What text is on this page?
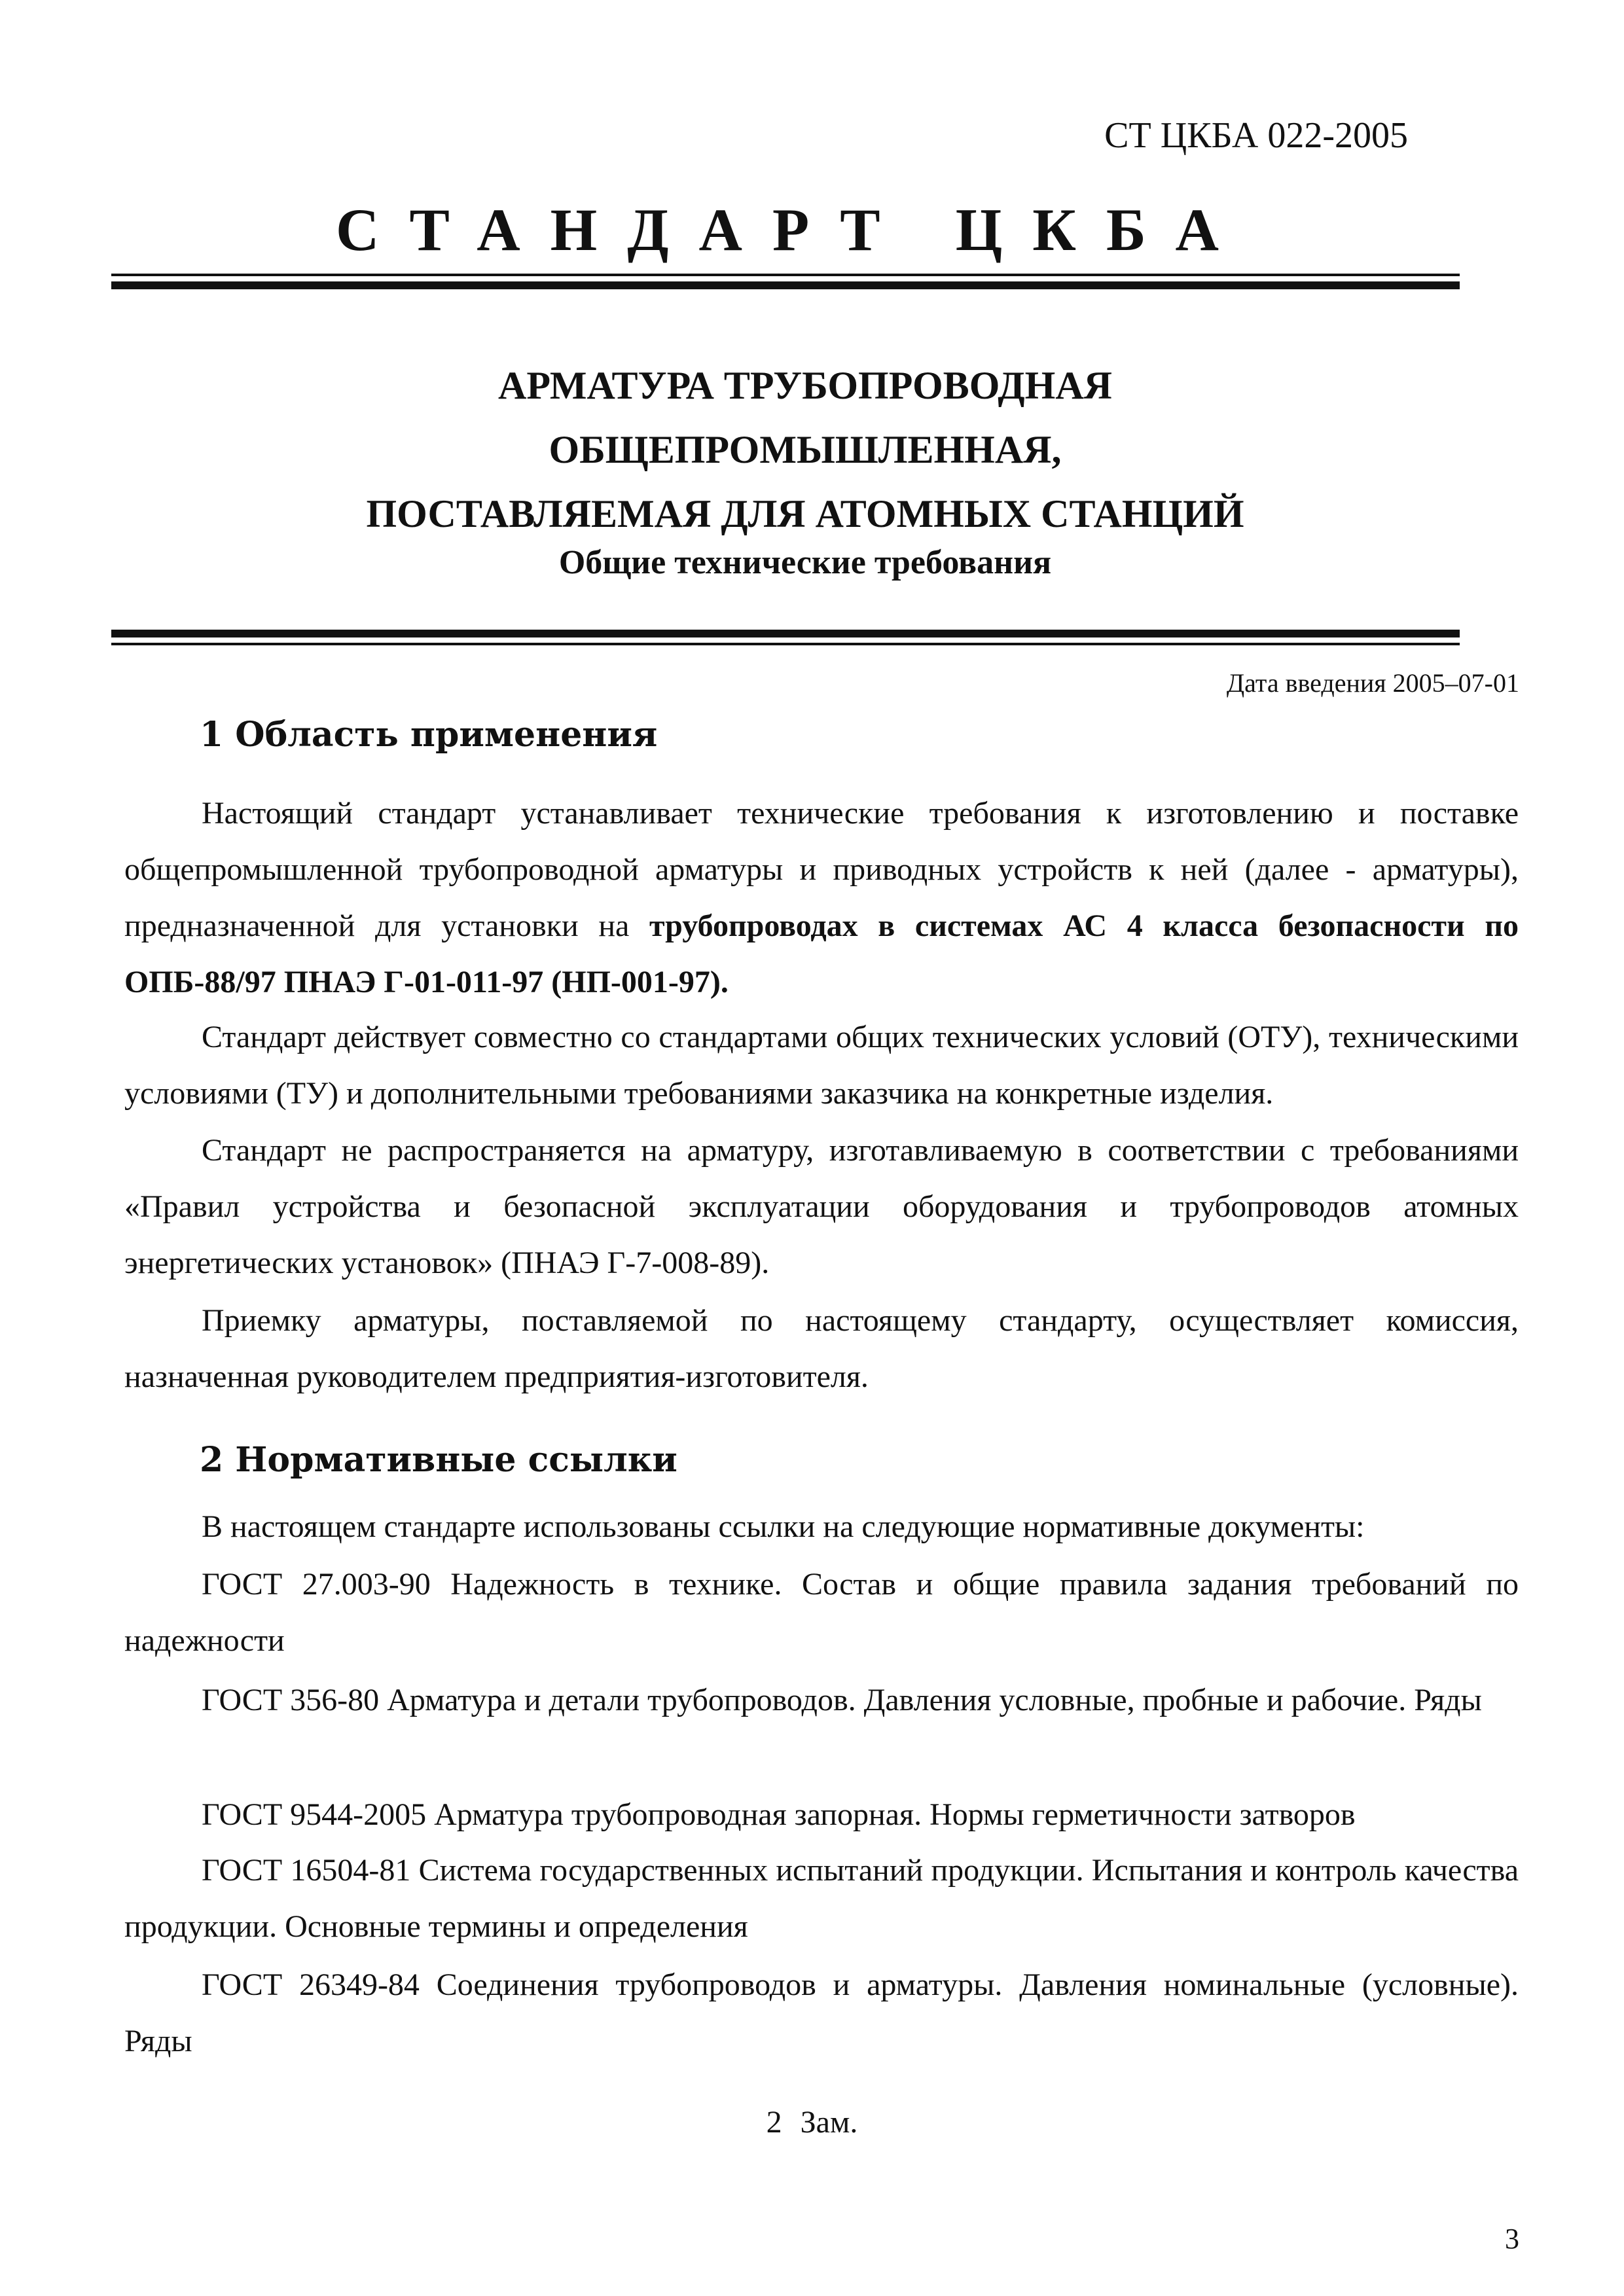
СТ ЦКБА 022-2005
СТАНДАРТ ЦКБА
АРМАТУРА ТРУБОПРОВОДНАЯ
ОБЩЕПРОМЫШЛЕННАЯ,
ПОСТАВЛЯЕМАЯ ДЛЯ АТОМНЫХ СТАНЦИЙ
Общие технические требования
Дата введения 2005–07-01
1 Область применения

Настоящий стандарт устанавливает технические требования к изготовлению и поставке общепромышленной трубопроводной арматуры и приводных устройств к ней (далее - арматуры), предназначенной для установки на трубопроводах в системах АС 4 класса безопасности по ОПБ-88/97 ПНАЭ Г-01-011-97 (НП-001-97).

Стандарт действует совместно со стандартами общих технических условий (ОТУ), техническими условиями (ТУ) и дополнительными требованиями заказчика на конкретные изделия.

Стандарт не распространяется на арматуру, изготавливаемую в соответствии с требованиями «Правил устройства и безопасной эксплуатации оборудования и трубопроводов атомных энергетических установок» (ПНАЭ Г-7-008-89).

Приемку арматуры, поставляемой по настоящему стандарту, осуществляет комиссия, назначенная руководителем предприятия-изготовителя.

2 Нормативные ссылки

В настоящем стандарте использованы ссылки на следующие нормативные документы:

ГОСТ 27.003-90 Надежность в технике. Состав и общие правила задания требований по надежности

ГОСТ 356-80 Арматура и детали трубопроводов. Давления условные, пробные и рабочие. Ряды

ГОСТ 9544-2005 Арматура трубопроводная запорная. Нормы герметичности затворов

ГОСТ 16504-81 Система государственных испытаний продукции. Испытания и контроль качества продукции. Основные термины и определения

ГОСТ 26349-84 Соединения трубопроводов и арматуры. Давления номинальные (условные). Ряды

2 Зам.
3
